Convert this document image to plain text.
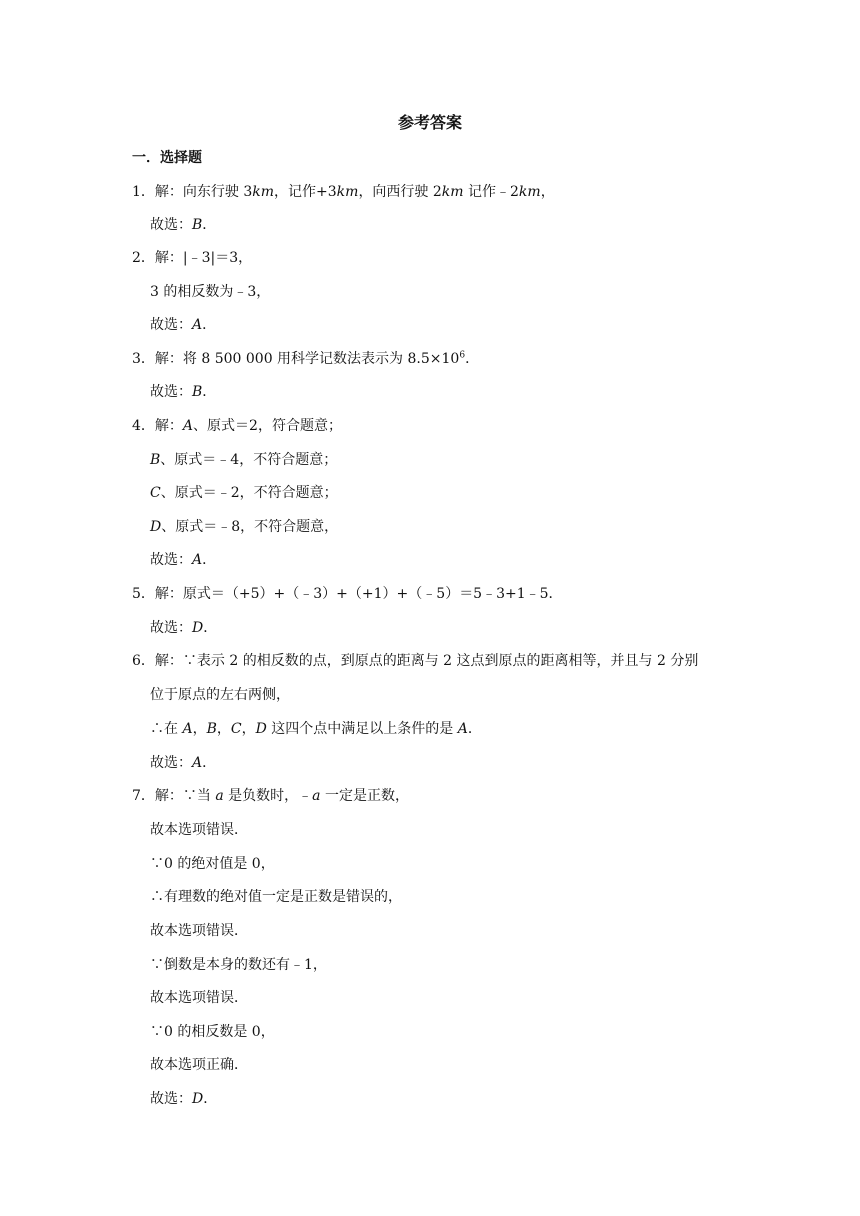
参考答案
一．选择题
1．解：向东行驶 3km，记作+3km，向西行驶 2km 记作﹣2km，
故选：B．
2．解：|﹣3|＝3，
3 的相反数为﹣3，
故选：A．
3．解：将 8 500 000 用科学记数法表示为 $8.5\times 10^6$．
故选：B．
4．解：A、原式＝2，符合题意；
B、原式＝﹣4，不符合题意；
C、原式＝﹣2，不符合题意；
D、原式＝﹣8，不符合题意，
故选：A．
5．解：原式＝（+5）+（﹣3）+（+1）+（﹣5）＝5﹣3+1﹣5．
故选：D．
6．解：∵表示 2 的相反数的点，到原点的距离与 2 这点到原点的距离相等，并且与 2 分别
位于原点的左右两侧，
∴在 A，B，C，D 这四个点中满足以上条件的是 A．
故选：A．
7．解：∵当 a 是负数时，﹣a 一定是正数，
故本选项错误．
∵0 的绝对值是 0，
∴有理数的绝对值一定是正数是错误的，
故本选项错误．
∵倒数是本身的数还有﹣1，
故本选项错误．
∵0 的相反数是 0，
故本选项正确．
故选：D．
